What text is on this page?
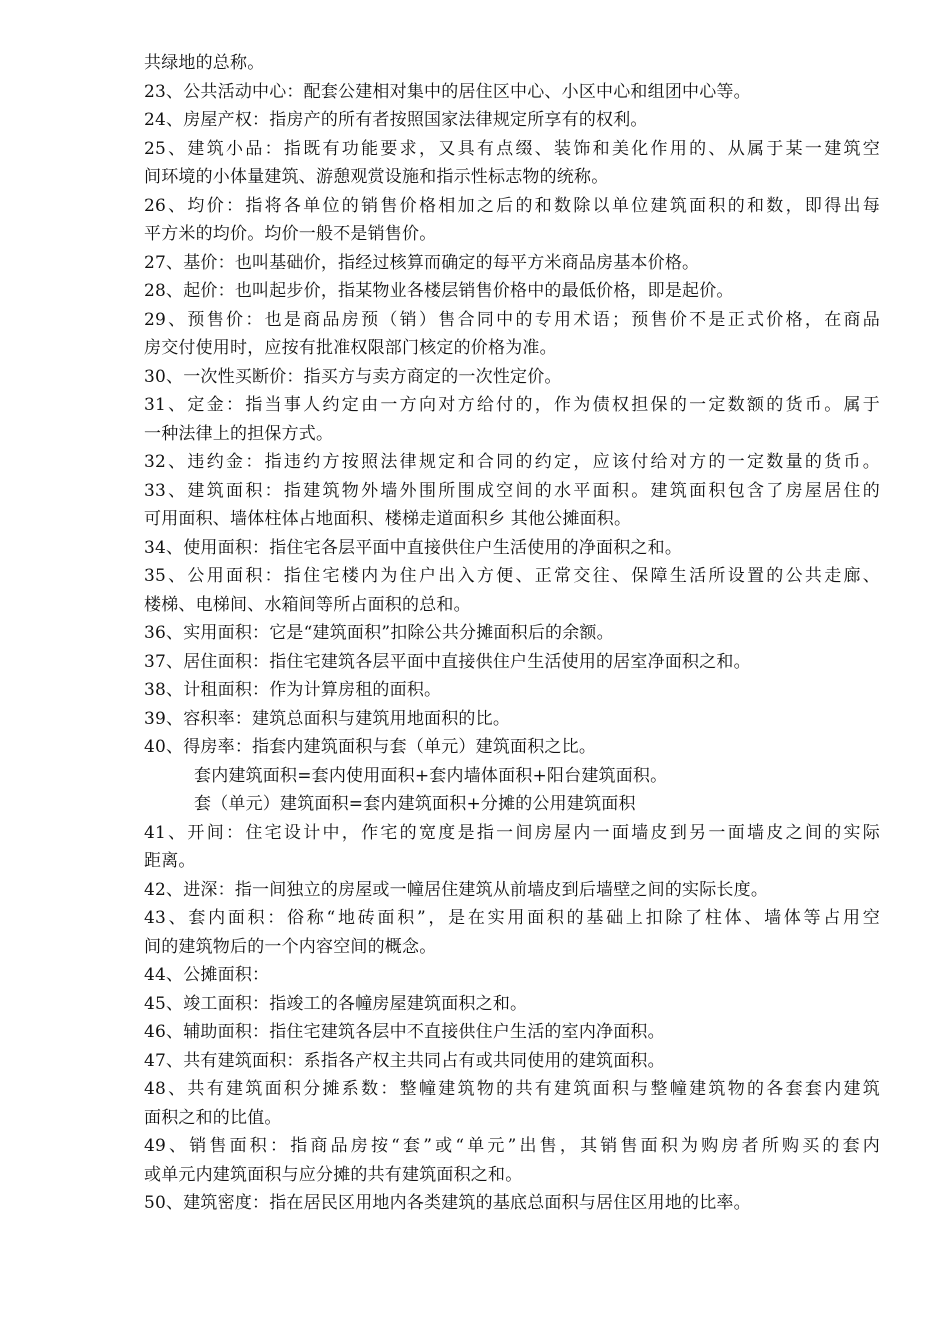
共绿地的总称。
23、公共活动中心：配套公建相对集中的居住区中心、小区中心和组团中心等。
24、房屋产权：指房产的所有者按照国家法律规定所享有的权利。
25、建筑小品：指既有功能要求，又具有点缀、装饰和美化作用的、从属于某一建筑空
间环境的小体量建筑、游憩观赏设施和指示性标志物的统称。
26、均价：指将各单位的销售价格相加之后的和数除以单位建筑面积的和数，即得出每
平方米的均价。均价一般不是销售价。
27、基价：也叫基础价，指经过核算而确定的每平方米商品房基本价格。
28、起价：也叫起步价，指某物业各楼层销售价格中的最低价格，即是起价。
29、预售价：也是商品房预（销）售合同中的专用术语；预售价不是正式价格，在商品
房交付使用时，应按有批准权限部门核定的价格为准。
30、一次性买断价：指买方与卖方商定的一次性定价。
31、定金：指当事人约定由一方向对方给付的，作为债权担保的一定数额的货币。属于
一种法律上的担保方式。
32、违约金：指违约方按照法律规定和合同的约定，应该付给对方的一定数量的货币。
33、建筑面积：指建筑物外墙外围所围成空间的水平面积。建筑面积包含了房屋居住的
可用面积、墙体柱体占地面积、楼梯走道面积乡 其他公摊面积。
34、使用面积：指住宅各层平面中直接供住户生活使用的净面积之和。
35、公用面积：指住宅楼内为住户出入方便、正常交往、保障生活所设置的公共走廊、
楼梯、电梯间、水箱间等所占面积的总和。
36、实用面积：它是“建筑面积”扣除公共分摊面积后的余额。
37、居住面积：指住宅建筑各层平面中直接供住户生活使用的居室净面积之和。
38、计租面积：作为计算房租的面积。
39、容积率：建筑总面积与建筑用地面积的比。
40、得房率：指套内建筑面积与套（单元）建筑面积之比。
套内建筑面积=套内使用面积+套内墙体面积+阳台建筑面积。
套（单元）建筑面积=套内建筑面积+分摊的公用建筑面积
41、开间：住宅设计中，作宅的宽度是指一间房屋内一面墙皮到另一面墙皮之间的实际
距离。
42、进深：指一间独立的房屋或一幢居住建筑从前墙皮到后墙壁之间的实际长度。
43、套内面积：俗称“地砖面积”，是在实用面积的基础上扣除了柱体、墙体等占用空
间的建筑物后的一个内容空间的概念。
44、公摊面积：
45、竣工面积：指竣工的各幢房屋建筑面积之和。
46、辅助面积：指住宅建筑各层中不直接供住户生活的室内净面积。
47、共有建筑面积：系指各产权主共同占有或共同使用的建筑面积。
48、共有建筑面积分摊系数：整幢建筑物的共有建筑面积与整幢建筑物的各套套内建筑
面积之和的比值。
49、销售面积：指商品房按“套”或“单元”出售，其销售面积为购房者所购买的套内
或单元内建筑面积与应分摊的共有建筑面积之和。
50、建筑密度：指在居民区用地内各类建筑的基底总面积与居住区用地的比率。
